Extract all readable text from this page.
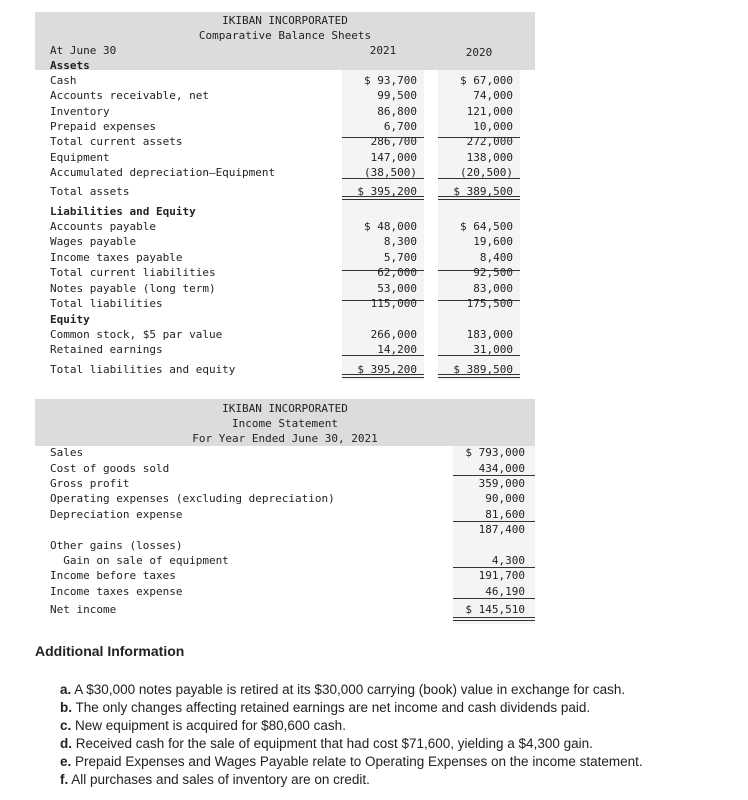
IKIBAN INCORPORATED
Comparative Balance Sheets
At June 30	2021	2020
Assets
Cash	$ 93,700	$ 67,000
Accounts receivable, net	99,500	74,000
Inventory	86,800	121,000
Prepaid expenses	6,700	10,000
Total current assets	286,700	272,000
Equipment	147,000	138,000
Accumulated depreciation—Equipment	(38,500)	(20,500)
Total assets	$ 395,200	$ 389,500
Liabilities and Equity
Accounts payable	$ 48,000	$ 64,500
Wages payable	8,300	19,600
Income taxes payable	5,700	8,400
Total current liabilities	62,000	92,500
Notes payable (long term)	53,000	83,000
Total liabilities	115,000	175,500
Equity
Common stock, $5 par value	266,000	183,000
Retained earnings	14,200	31,000
Total liabilities and equity	$ 395,200	$ 389,500
IKIBAN INCORPORATED
Income Statement
For Year Ended June 30, 2021
Sales	$ 793,000
Cost of goods sold	434,000
Gross profit	359,000
Operating expenses (excluding depreciation)	90,000
Depreciation expense	81,600
187,400
Other gains (losses)
Gain on sale of equipment	4,300
Income before taxes	191,700
Income taxes expense	46,190
Net income	$ 145,510
Additional Information
a. A $30,000 notes payable is retired at its $30,000 carrying (book) value in exchange for cash.
b. The only changes affecting retained earnings are net income and cash dividends paid.
c. New equipment is acquired for $80,600 cash.
d. Received cash for the sale of equipment that had cost $71,600, yielding a $4,300 gain.
e. Prepaid Expenses and Wages Payable relate to Operating Expenses on the income statement.
f. All purchases and sales of inventory are on credit.
